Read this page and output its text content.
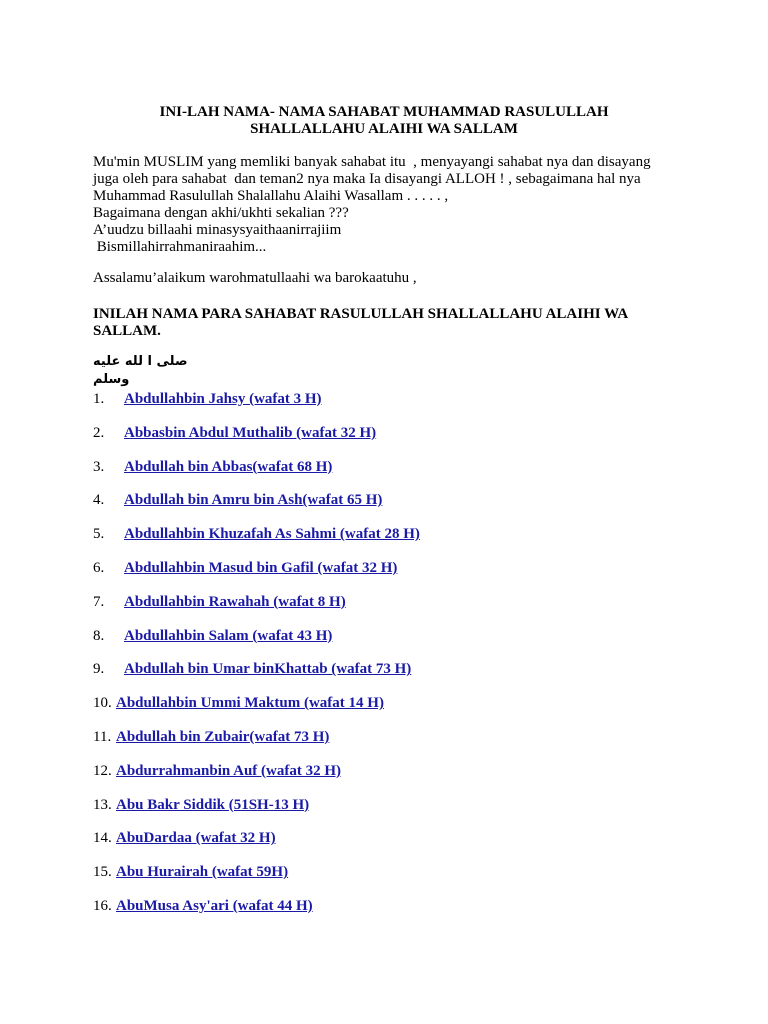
INI-LAH NAMA- NAMA SAHABAT MUHAMMAD RASULULLAH
SHALLALLAHU ALAIHI WA SALLAM
Mu'min MUSLIM yang memliki banyak sahabat itu  , menyayangi sahabat nya dan disayang
juga oleh para sahabat  dan teman2 nya maka Ia disayangi ALLOH ! , sebagaimana hal nya
Muhammad Rasulullah Shalallahu Alaihi Wasallam . . . . . ,
Bagaimana dengan akhi/ukhti sekalian ???
A’uudzu billaahi minasysyaithaanirrajiim
Bismillahirrahmaniraahim...
Assalamu’alaikum warohmatullaahi wa barokaatuhu ,
INILAH NAMA PARA SAHABAT RASULULLAH SHALLALLAHU ALAIHI WA SALLAM.
صلى ا لله عليه وسلم
1. Abdullahbin Jahsy (wafat 3 H)
2. Abbasbin Abdul Muthalib (wafat 32 H)
3. Abdullah bin Abbas(wafat 68 H)
4. Abdullah bin Amru bin Ash(wafat 65 H)
5. Abdullahbin Khuzafah As Sahmi (wafat 28 H)
6. Abdullahbin Masud bin Gafil (wafat 32 H)
7. Abdullahbin Rawahah (wafat 8 H)
8. Abdullahbin Salam (wafat 43 H)
9. Abdullah bin Umar binKhattab (wafat 73 H)
10. Abdullahbin Ummi Maktum (wafat 14 H)
11. Abdullah bin Zubair(wafat 73 H)
12. Abdurrahmanbin Auf (wafat 32 H)
13. Abu Bakr Siddik (51SH-13 H)
14. AbuDardaa (wafat 32 H)
15. Abu Hurairah (wafat 59H)
16. AbuMusa Asy'ari (wafat 44 H)
